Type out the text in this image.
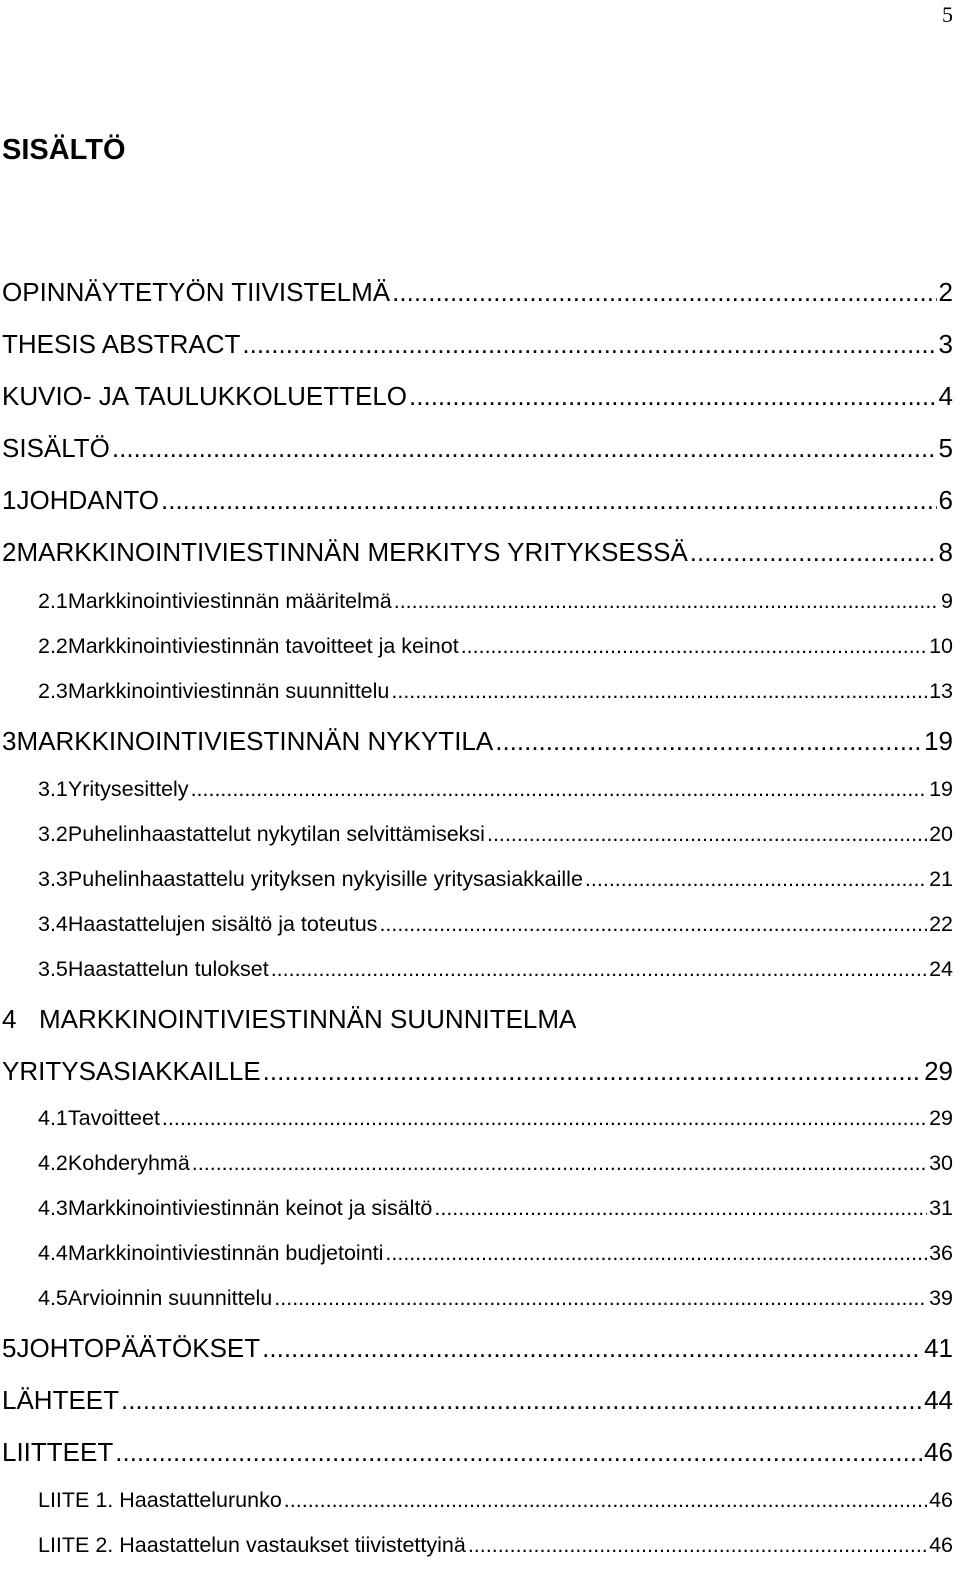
5
SISÄLTÖ
OPINNÄYTETYÖN TIIVISTELMÄ .....	2
THESIS ABSTRACT .....	3
KUVIO- JA TAULUKKOLUETTELO .....	4
SISÄLTÖ .....	5
1 JOHDANTO .....	6
2 MARKKINOINTIVIESTINNÄN MERKITYS YRITYKSESSÄ .....	8
2.1 Markkinointiviestinnän määritelmä .....	9
2.2 Markkinointiviestinnän tavoitteet ja keinot .....	10
2.3 Markkinointiviestinnän suunnittelu .....	13
3 MARKKINOINTIVIESTINNÄN NYKYTILA .....	19
3.1 Yritysesittely .....	19
3.2 Puhelinhaastattelut nykytilan selvittämiseksi .....	20
3.3 Puhelinhaastattelu yrityksen nykyisille yritysasiakkaille .....	21
3.4 Haastattelujen sisältö ja toteutus .....	22
3.5 Haastattelun tulokset .....	24
4 MARKKINOINTIVIESTINNÄN SUUNNITELMA
YRITYSASIAKKAILLE .....	29
4.1 Tavoitteet .....	29
4.2 Kohderyhmä .....	30
4.3 Markkinointiviestinnän keinot ja sisältö .....	31
4.4 Markkinointiviestinnän budjetointi .....	36
4.5 Arvioinnin suunnittelu .....	39
5 JOHTOPÄÄTÖKSET .....	41
LÄHTEET .....	44
LIITTEET .....	46
LIITE 1. Haastattelurunko .....	46
LIITE 2. Haastattelun vastaukset tiivistettyinä .....	46
